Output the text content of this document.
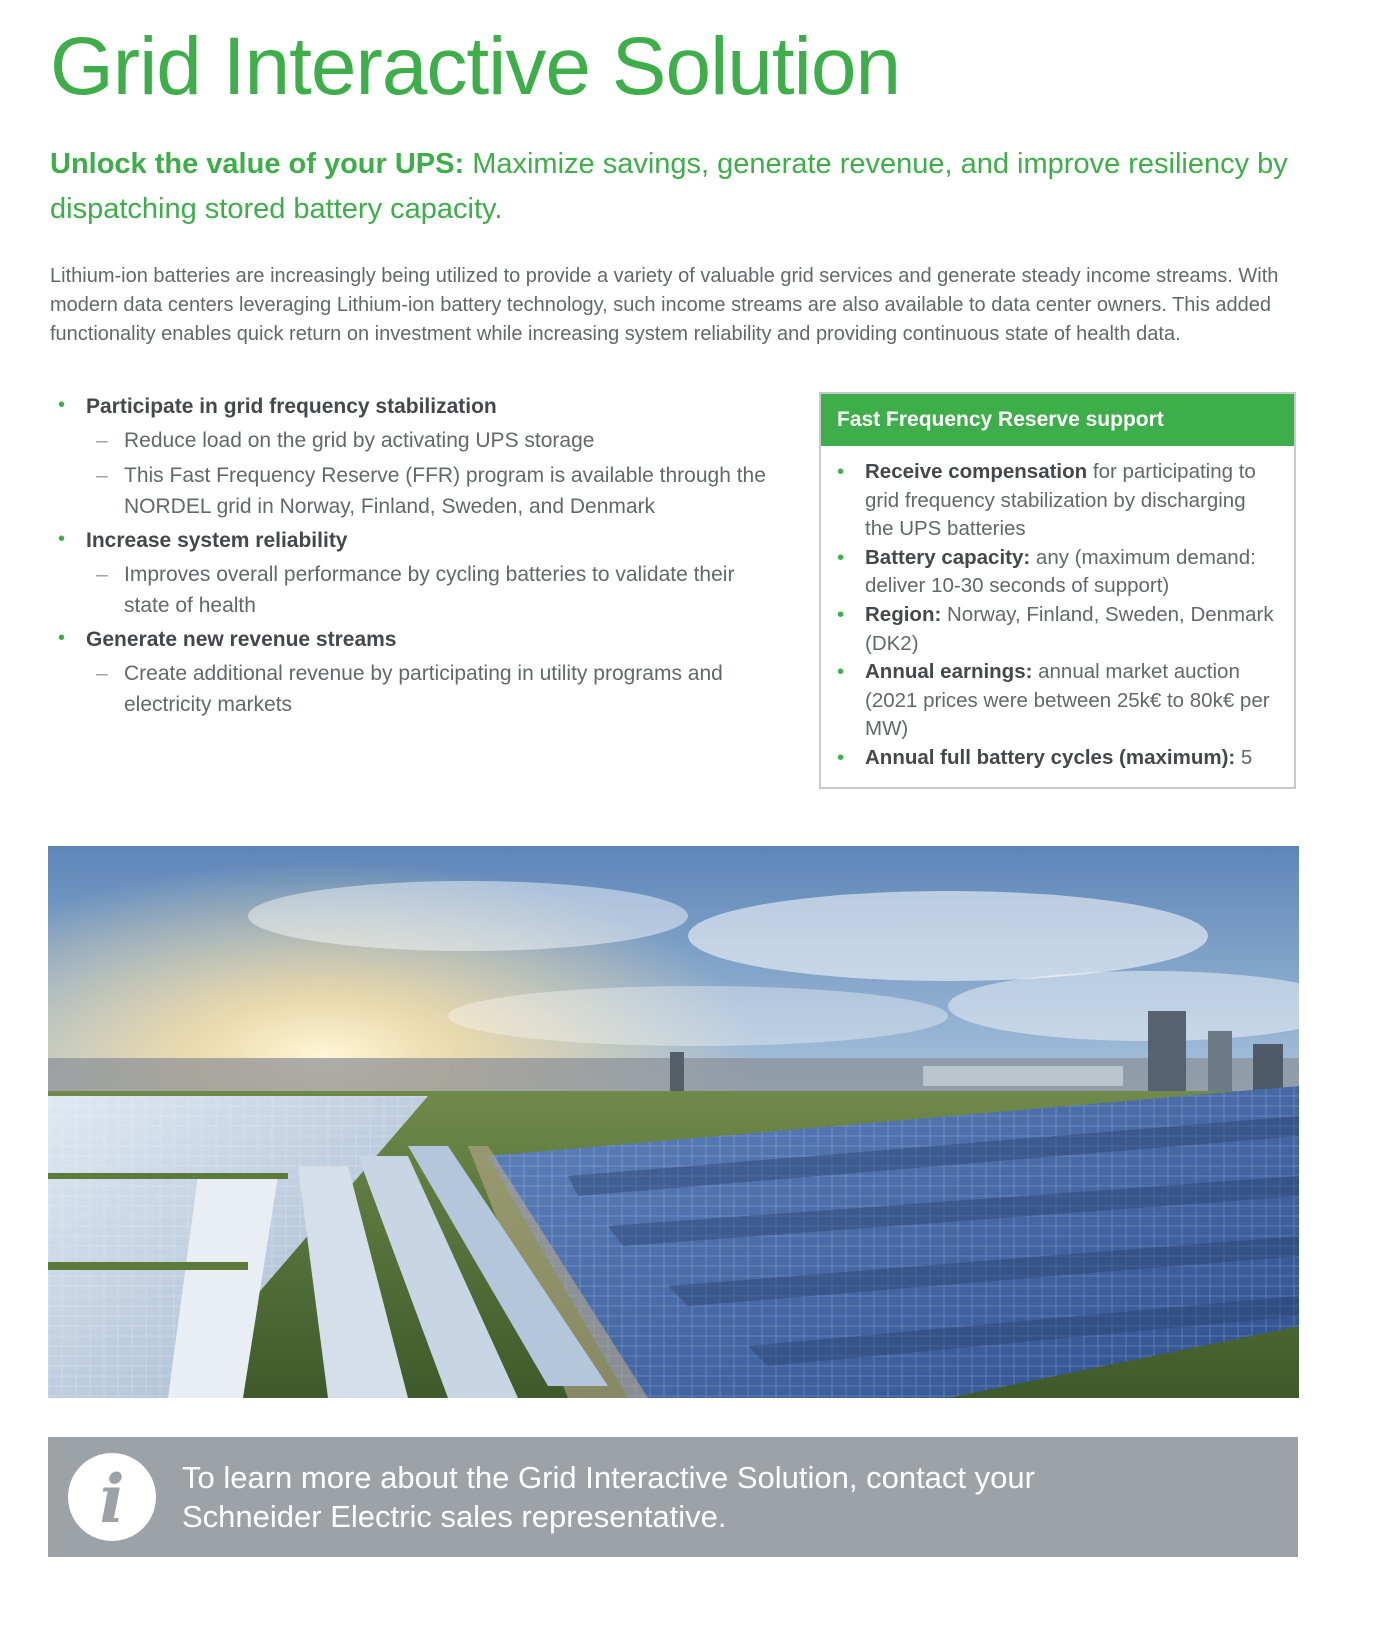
Grid Interactive Solution

Unlock the value of your UPS: Maximize savings, generate revenue, and improve resiliency by dispatching stored battery capacity.

Lithium-ion batteries are increasingly being utilized to provide a variety of valuable grid services and generate steady income streams. With modern data centers leveraging Lithium-ion battery technology, such income streams are also available to data center owners. This added functionality enables quick return on investment while increasing system reliability and providing continuous state of health data.

• Participate in grid frequency stabilization
– Reduce load on the grid by activating UPS storage
– This Fast Frequency Reserve (FFR) program is available through the NORDEL grid in Norway, Finland, Sweden, and Denmark
• Increase system reliability
– Improves overall performance by cycling batteries to validate their state of health
• Generate new revenue streams
– Create additional revenue by participating in utility programs and electricity markets
Fast Frequency Reserve support
• Receive compensation for participating to grid frequency stabilization by discharging the UPS batteries
• Battery capacity: any (maximum demand: deliver 10-30 seconds of support)
• Region: Norway, Finland, Sweden, Denmark (DK2)
• Annual earnings: annual market auction (2021 prices were between 25k€ to 80k€ per MW)
• Annual full battery cycles (maximum): 5
i To learn more about the Grid Interactive Solution, contact your
Schneider Electric sales representative.
